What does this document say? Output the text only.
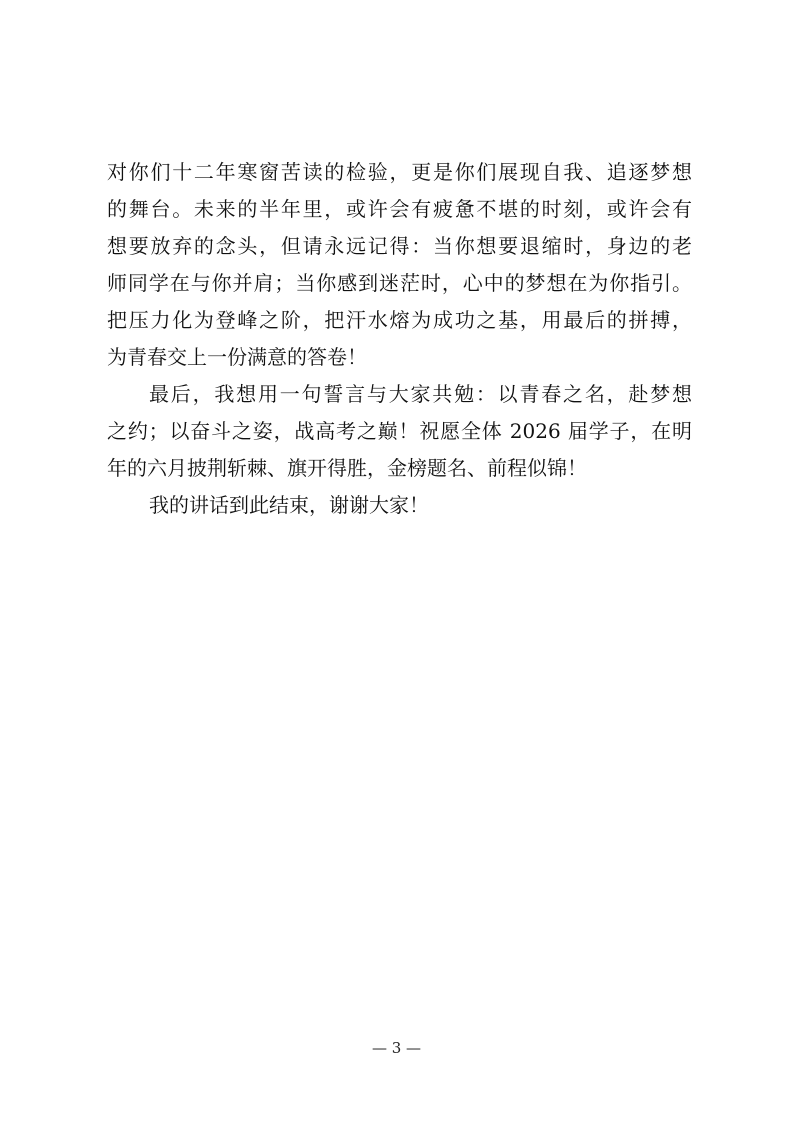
对你们十二年寒窗苦读的检验，更是你们展现自我、追逐梦想
的舞台。未来的半年里，或许会有疲惫不堪的时刻，或许会有
想要放弃的念头，但请永远记得：当你想要退缩时，身边的老
师同学在与你并肩；当你感到迷茫时，心中的梦想在为你指引。
把压力化为登峰之阶，把汗水熔为成功之基，用最后的拼搏，
为青春交上一份满意的答卷！
最后，我想用一句誓言与大家共勉：以青春之名，赴梦想
之约；以奋斗之姿，战高考之巅！祝愿全体 2026 届学子，在明
年的六月披荆斩棘、旗开得胜，金榜题名、前程似锦！
我的讲话到此结束，谢谢大家！
— 3 —
